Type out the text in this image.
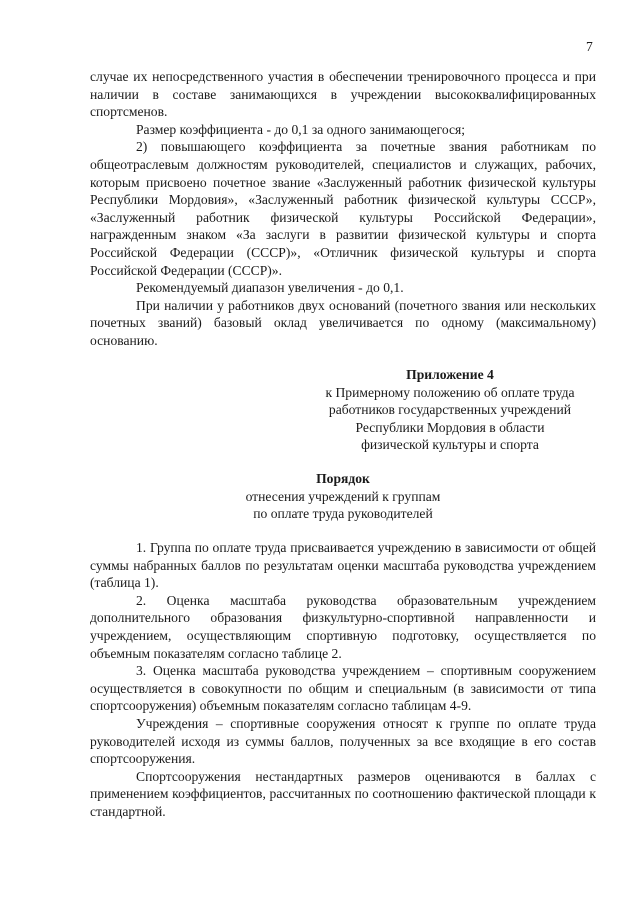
7

случае их непосредственного участия в обеспечении тренировочного процесса и при наличии в составе занимающихся в учреждении высококвалифицированных спортсменов.

Размер коэффициента - до 0,1 за одного занимающегося;

2) повышающего коэффициента за почетные звания работникам по общеотраслевым должностям руководителей, специалистов и служащих, рабочих, которым присвоено почетное звание «Заслуженный работник физической культуры Республики Мордовия», «Заслуженный работник физической культуры СССР», «Заслуженный работник физической культуры Российской Федерации», награжденным знаком «За заслуги в развитии физической культуры и спорта Российской Федерации (СССР)», «Отличник физической культуры и спорта Российской Федерации (СССР)».

Рекомендуемый диапазон увеличения - до 0,1.

При наличии у работников двух оснований (почетного звания или нескольких почетных званий) базовый оклад увеличивается по одному (максимальному) основанию.

Приложение 4
к Примерному положению об оплате труда
работников государственных учреждений
Республики Мордовия в области
физической культуры и спорта
Порядок
отнесения учреждений к группам
по оплате труда руководителей

1. Группа по оплате труда присваивается учреждению в зависимости от общей суммы набранных баллов по результатам оценки масштаба руководства учреждением (таблица 1).

2. Оценка масштаба руководства образовательным учреждением дополнительного образования физкультурно-спортивной направленности и учреждением, осуществляющим спортивную подготовку, осуществляется по объемным показателям согласно таблице 2.

3. Оценка масштаба руководства учреждением – спортивным сооружением осуществляется в совокупности по общим и специальным (в зависимости от типа спортсооружения) объемным показателям согласно таблицам 4-9.

Учреждения – спортивные сооружения относят к группе по оплате труда руководителей исходя из суммы баллов, полученных за все входящие в его состав спортсооружения.

Спортсооружения нестандартных размеров оцениваются в баллах с применением коэффициентов, рассчитанных по соотношению фактической площади к стандартной.
